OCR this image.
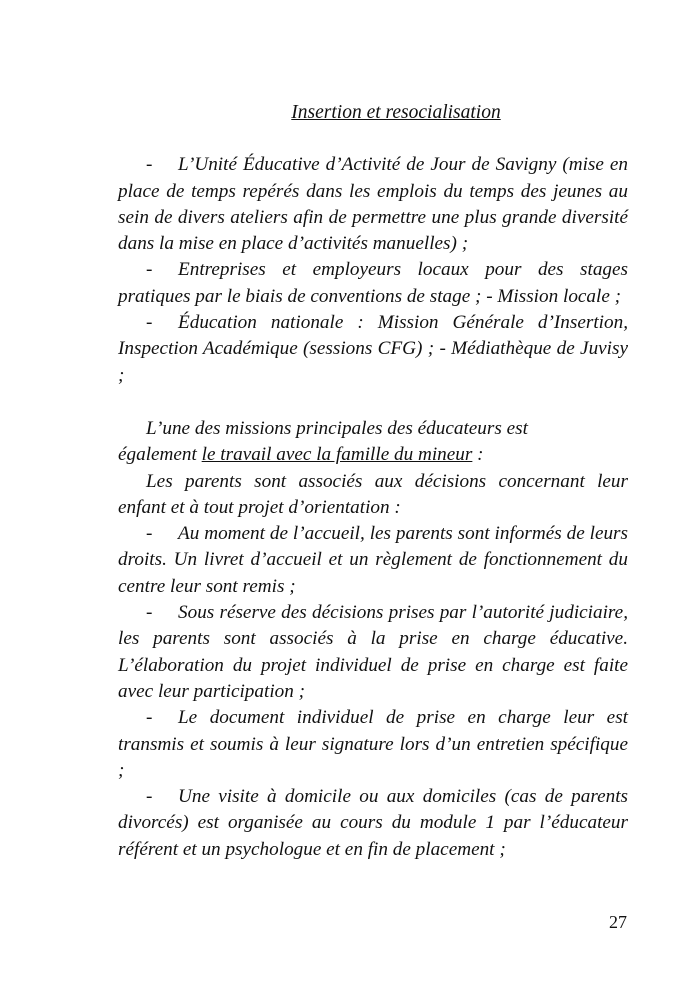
Insertion et resocialisation

- L’Unité Éducative d’Activité de Jour de Savigny (mise en place de temps repérés dans les emplois du temps des jeunes au sein de divers ateliers afin de permettre une plus grande diversité dans la mise en place d’activités manuelles) ;

- Entreprises et employeurs locaux pour des stages pratiques par le biais de conventions de stage ; - Mission locale ;

- Éducation nationale : Mission Générale d’Insertion, Inspection Académique (sessions CFG) ; - Médiathèque de Juvisy ;

L’une des missions principales des éducateurs est

également le travail avec la famille du mineur :

Les parents sont associés aux décisions concernant leur enfant et à tout projet d’orientation :

- Au moment de l’accueil, les parents sont informés de leurs droits. Un livret d’accueil et un règlement de fonctionnement du centre leur sont remis ;

- Sous réserve des décisions prises par l’autorité judiciaire, les parents sont associés à la prise en charge éducative. L’élaboration du projet individuel de prise en charge est faite avec leur participation ;

- Le document individuel de prise en charge leur est transmis et soumis à leur signature lors d’un entretien spécifique ;

- Une visite à domicile ou aux domiciles (cas de parents divorcés) est organisée au cours du module 1 par l’éducateur référent et un psychologue et en fin de placement ;

27
